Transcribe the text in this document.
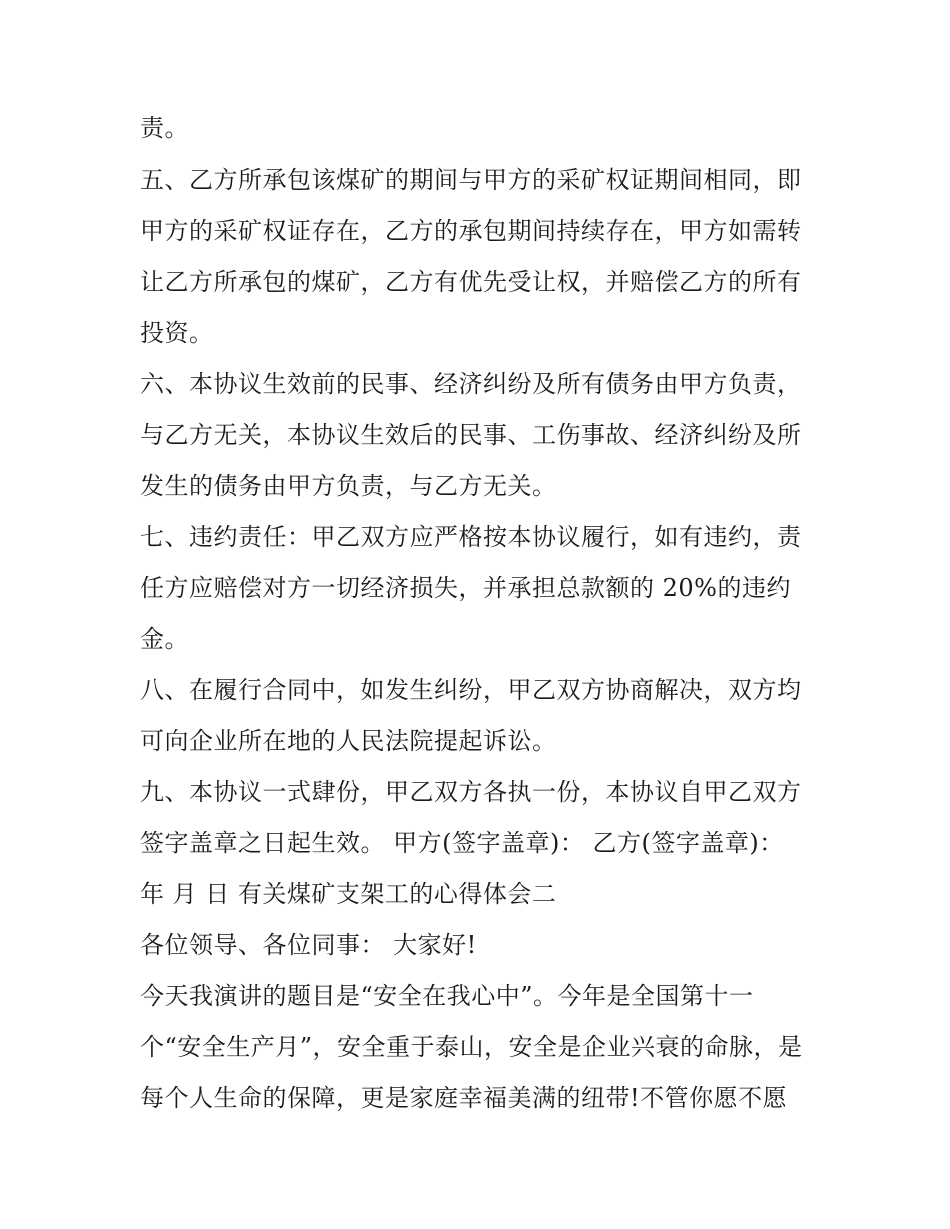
责。
五、乙方所承包该煤矿的期间与甲方的采矿权证期间相同，即
甲方的采矿权证存在，乙方的承包期间持续存在，甲方如需转
让乙方所承包的煤矿，乙方有优先受让权，并赔偿乙方的所有
投资。
六、本协议生效前的民事、经济纠纷及所有债务由甲方负责，
与乙方无关，本协议生效后的民事、工伤事故、经济纠纷及所
发生的债务由甲方负责，与乙方无关。
七、违约责任：甲乙双方应严格按本协议履行，如有违约，责
任方应赔偿对方一切经济损失，并承担总款额的 20%的违约
金。
八、在履行合同中，如发生纠纷，甲乙双方协商解决，双方均
可向企业所在地的人民法院提起诉讼。
九、本协议一式肆份，甲乙双方各执一份，本协议自甲乙双方
签字盖章之日起生效。 甲方(签字盖章)： 乙方(签字盖章)：
年 月 日 有关煤矿支架工的心得体会二
各位领导、各位同事： 大家好!
今天我演讲的题目是“安全在我心中”。今年是全国第十一
个“安全生产月”，安全重于泰山，安全是企业兴衰的命脉，是
每个人生命的保障，更是家庭幸福美满的纽带!不管你愿不愿
